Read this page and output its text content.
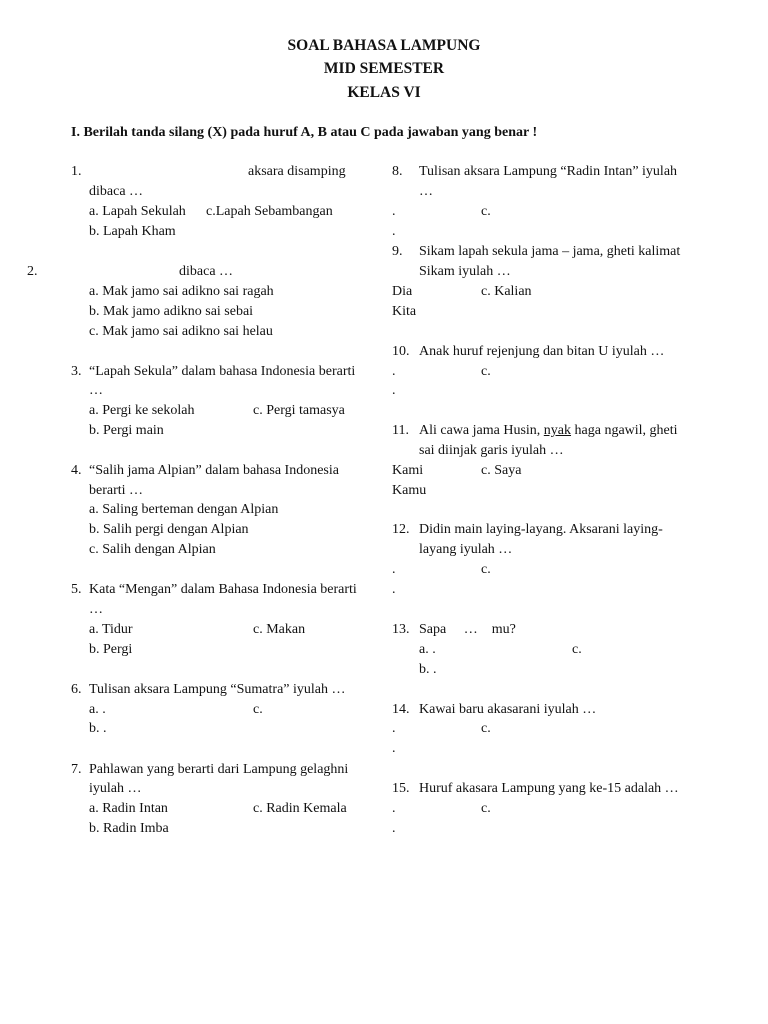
SOAL BAHASA LAMPUNG
MID SEMESTER
KELAS VI
I. Berilah tanda silang (X) pada huruf A, B atau C pada jawaban yang benar !
1.	aksara disamping
dibaca …
a. Lapah Sekulah c.Lapah Sebambangan
b. Lapah Kham
2.	dibaca …
a. Mak jamo sai adikno sai ragah
b. Mak jamo adikno sai sebai
c. Mak jamo sai adikno sai helau
3. “Lapah Sekula” dalam bahasa Indonesia berarti
…
a. Pergi ke sekolah	c. Pergi tamasya
b. Pergi main
4. “Salih jama Alpian” dalam bahasa Indonesia
berarti …
a. Saling berteman dengan Alpian
b. Salih pergi dengan Alpian
c. Salih dengan Alpian
5. Kata “Mengan” dalam Bahasa Indonesia berarti
…
a. Tidur	c. Makan
b. Pergi
6. Tulisan aksara Lampung “Sumatra” iyulah …
a. .	c.
b. .
7. Pahlawan yang berarti dari Lampung gelaghni
iyulah …
a. Radin Intan	c. Radin Kemala
b. Radin Imba
8. Tulisan aksara Lampung “Radin Intan” iyulah
…
.	c.
.
9. Sikam lapah sekula jama – jama, gheti kalimat
Sikam iyulah …
Dia	c. Kalian
Kita
10. Anak huruf rejenjung dan bitan U iyulah …
.	c.
.
11. Ali cawa jama Husin, nyak haga ngawil, gheti
sai diinjak garis iyulah …
Kami	c. Saya
Kamu
12. Didin main laying-layang. Aksarani laying-
layang iyulah …
.	c.
.
13. Sapa     …    mu?
a. .	c.
b. .
14. Kawai baru akasarani iyulah …
.	c.
.
15. Huruf akasara Lampung yang ke-15 adalah …
.	c.
.
